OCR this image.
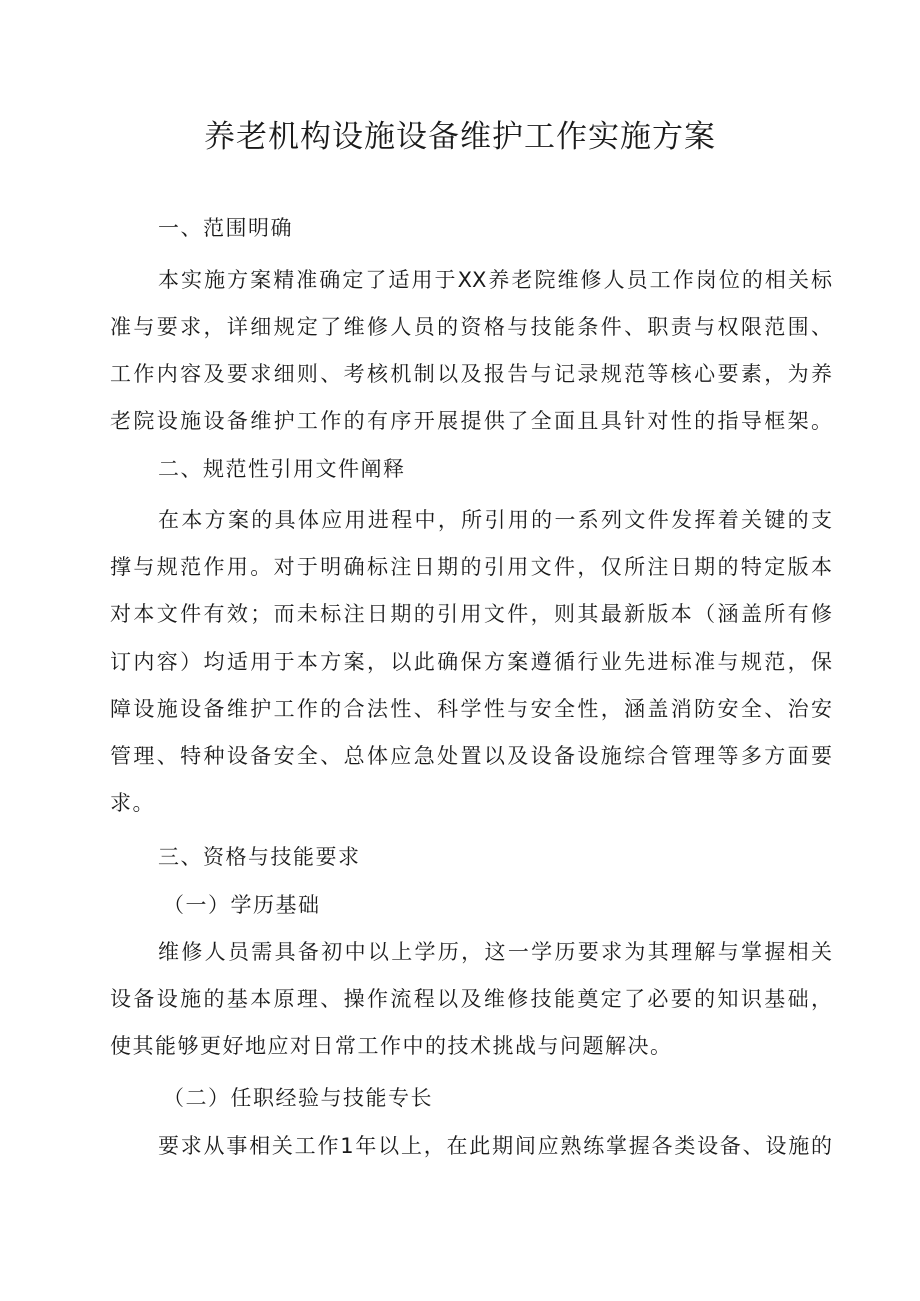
养老机构设施设备维护工作实施方案

一、范围明确

本实施方案精准确定了适用于XX养老院维修人员工作岗位的相关标

准与要求，详细规定了维修人员的资格与技能条件、职责与权限范围、

工作内容及要求细则、考核机制以及报告与记录规范等核心要素，为养

老院设施设备维护工作的有序开展提供了全面且具针对性的指导框架。

二、规范性引用文件阐释

在本方案的具体应用进程中，所引用的一系列文件发挥着关键的支

撑与规范作用。对于明确标注日期的引用文件，仅所注日期的特定版本

对本文件有效；而未标注日期的引用文件，则其最新版本（涵盖所有修

订内容）均适用于本方案，以此确保方案遵循行业先进标准与规范，保

障设施设备维护工作的合法性、科学性与安全性，涵盖消防安全、治安

管理、特种设备安全、总体应急处置以及设备设施综合管理等多方面要

求。

三、资格与技能要求

（一）学历基础

维修人员需具备初中以上学历，这一学历要求为其理解与掌握相关

设备设施的基本原理、操作流程以及维修技能奠定了必要的知识基础，

使其能够更好地应对日常工作中的技术挑战与问题解决。

（二）任职经验与技能专长

要求从事相关工作1年以上，在此期间应熟练掌握各类设备、设施的
